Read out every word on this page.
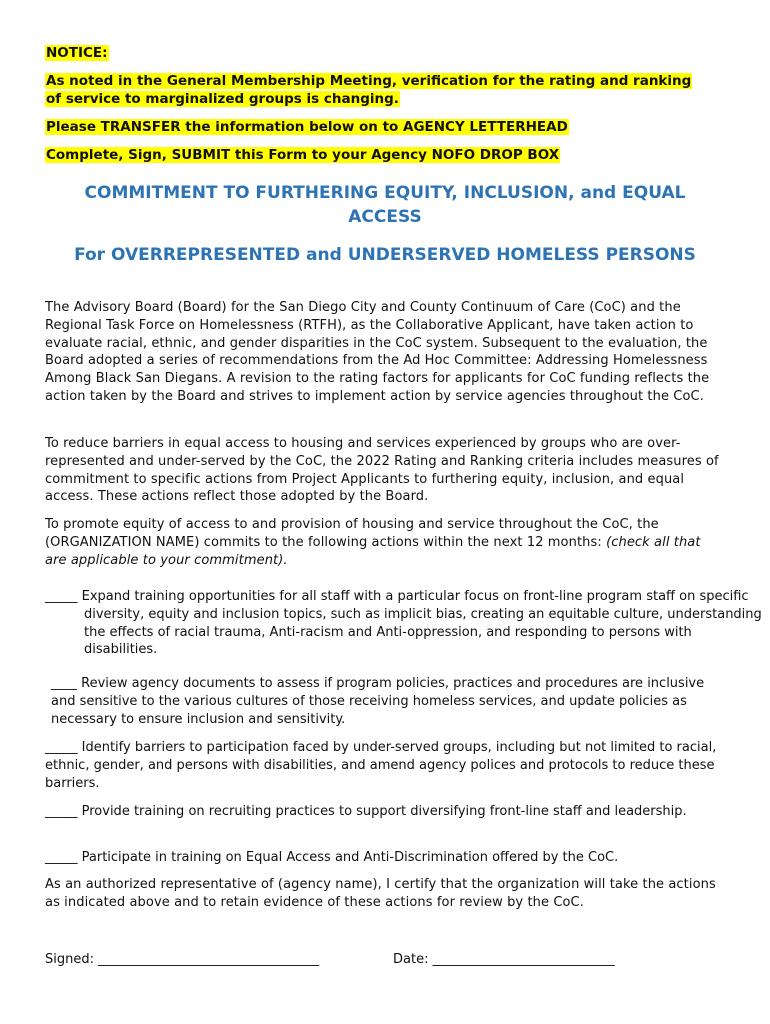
NOTICE:
As noted in the General Membership Meeting, verification for the rating and ranking
of service to marginalized groups is changing.
Please TRANSFER the information below on to AGENCY LETTERHEAD
Complete, Sign, SUBMIT this Form to your Agency NOFO DROP BOX
COMMITMENT TO FURTHERING EQUITY, INCLUSION, and EQUAL
ACCESS
For OVERREPRESENTED and UNDERSERVED HOMELESS PERSONS
The Advisory Board (Board) for the San Diego City and County Continuum of Care (CoC) and the Regional Task Force on Homelessness (RTFH), as the Collaborative Applicant, have taken action to evaluate racial, ethnic, and gender disparities in the CoC system. Subsequent to the evaluation, the Board adopted a series of recommendations from the Ad Hoc Committee: Addressing Homelessness Among Black San Diegans. A revision to the rating factors for applicants for CoC funding reflects the action taken by the Board and strives to implement action by service agencies throughout the CoC.
To reduce barriers in equal access to housing and services experienced by groups who are over-represented and under-served by the CoC, the 2022 Rating and Ranking criteria includes measures of commitment to specific actions from Project Applicants to furthering equity, inclusion, and equal access. These actions reflect those adopted by the Board.
To promote equity of access to and provision of housing and service throughout the CoC, the
(ORGANIZATION NAME) commits to the following actions within the next 12 months: (check all that are applicable to your commitment).
_____ Expand training opportunities for all staff with a particular focus on front-line program staff on specific diversity, equity and inclusion topics, such as implicit bias, creating an equitable culture, understanding the effects of racial trauma, Anti-racism and Anti-oppression, and responding to persons with disabilities.
____ Review agency documents to assess if program policies, practices and procedures are inclusive and sensitive to the various cultures of those receiving homeless services, and update policies as necessary to ensure inclusion and sensitivity.
_____ Identify barriers to participation faced by under-served groups, including but not limited to racial, ethnic, gender, and persons with disabilities, and amend agency polices and protocols to reduce these barriers.
_____ Provide training on recruiting practices to support diversifying front-line staff and leadership.
_____ Participate in training on Equal Access and Anti-Discrimination offered by the CoC.
As an authorized representative of (agency name), I certify that the organization will take the actions as indicated above and to retain evidence of these actions for review by the CoC.
Signed: __________________________________	Date: ____________________________
